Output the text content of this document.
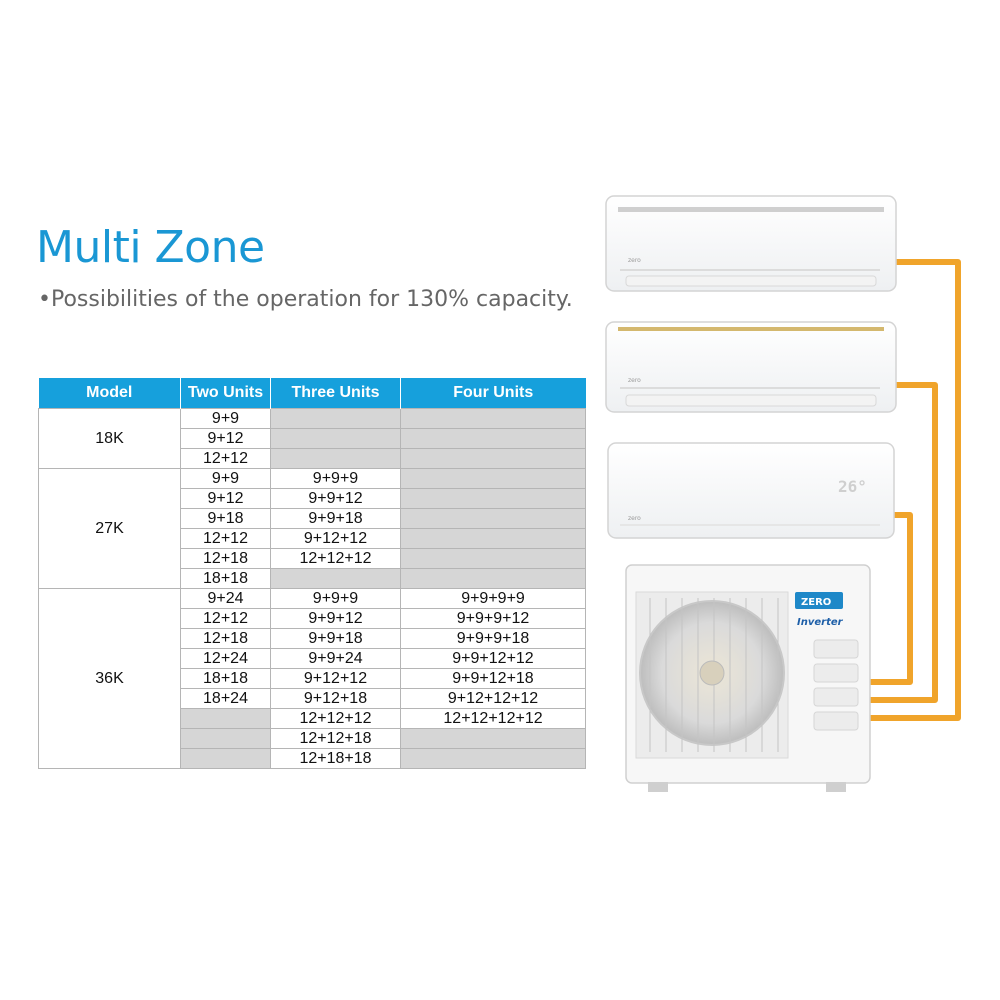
Multi Zone
•Possibilities of the operation for 130% capacity.
Model	Two Units	Three Units	Four Units
18K	9+9		
	9+12		
	12+12		
27K	9+9	9+9+9	
	9+12	9+9+12	
	9+18	9+9+18	
	12+12	9+12+12	
	12+18	12+12+12	
	18+18		
36K	9+24	9+9+9	9+9+9+9
	12+12	9+9+12	9+9+9+12
	12+18	9+9+18	9+9+9+18
	12+24	9+9+24	9+9+12+12
	18+18	9+12+12	9+9+12+18
	18+24	9+12+18	9+12+12+12
		12+12+12	12+12+12+12
		12+12+18	
		12+18+18	
zero
zero
26°
zero
ZERO
Inverter
